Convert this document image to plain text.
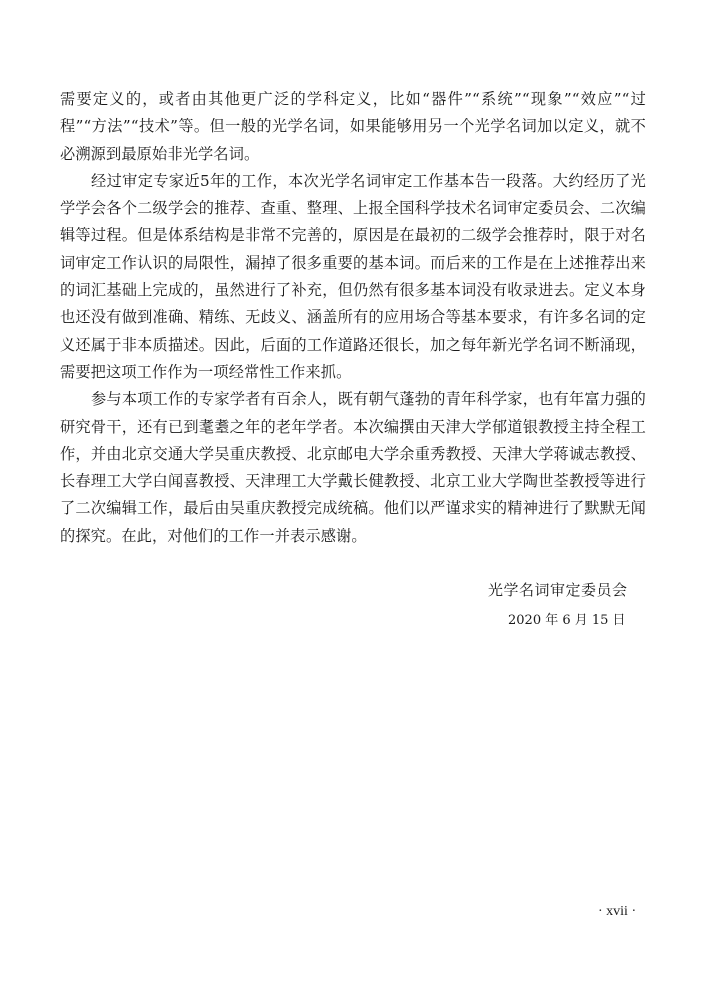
需要定义的，或者由其他更广泛的学科定义，比如“器件”“系统”“现象”“效应”“过程”“方法”“技术”等。但一般的光学名词，如果能够用另一个光学名词加以定义，就不必溯源到最原始非光学名词。

经过审定专家近5年的工作，本次光学名词审定工作基本告一段落。大约经历了光学学会各个二级学会的推荐、查重、整理、上报全国科学技术名词审定委员会、二次编辑等过程。但是体系结构是非常不完善的，原因是在最初的二级学会推荐时，限于对名词审定工作认识的局限性，漏掉了很多重要的基本词。而后来的工作是在上述推荐出来的词汇基础上完成的，虽然进行了补充，但仍然有很多基本词没有收录进去。定义本身也还没有做到准确、精练、无歧义、涵盖所有的应用场合等基本要求，有许多名词的定义还属于非本质描述。因此，后面的工作道路还很长，加之每年新光学名词不断涌现，需要把这项工作作为一项经常性工作来抓。

参与本项工作的专家学者有百余人，既有朝气蓬勃的青年科学家，也有年富力强的研究骨干，还有已到耄耋之年的老年学者。本次编撰由天津大学郁道银教授主持全程工作，并由北京交通大学吴重庆教授、北京邮电大学余重秀教授、天津大学蒋诚志教授、长春理工大学白闻喜教授、天津理工大学戴长健教授、北京工业大学陶世荃教授等进行了二次编辑工作，最后由吴重庆教授完成统稿。他们以严谨求实的精神进行了默默无闻的探究。在此，对他们的工作一并表示感谢。

光学名词审定委员会
2020 年 6 月 15 日
· xvii ·
